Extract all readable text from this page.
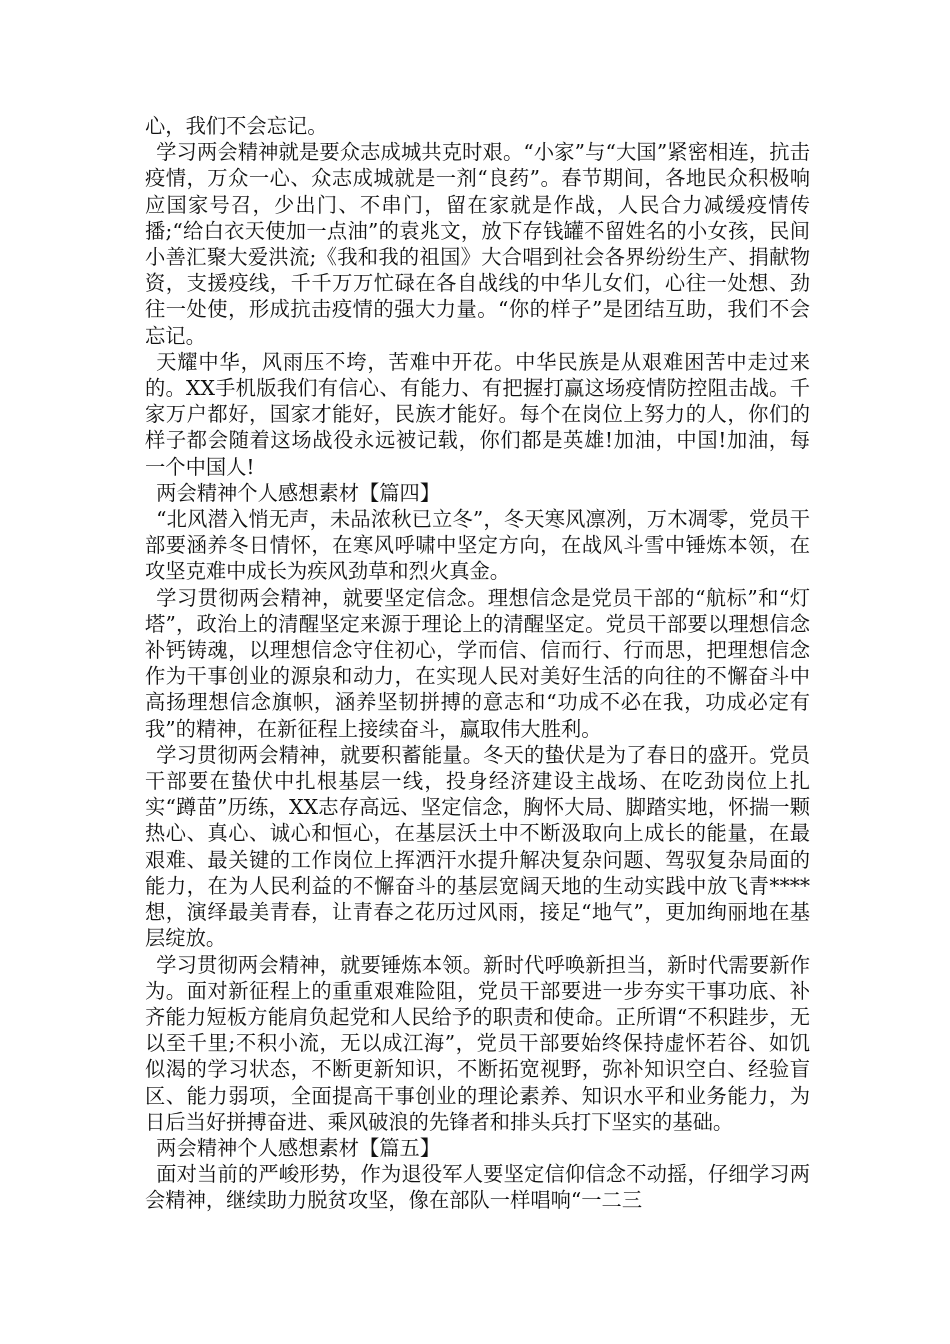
心，我们不会忘记。

学习两会精神就是要众志成城共克时艰。“小家”与“大国”紧密相连，抗击疫情，万众一心、众志成城就是一剂“良药”。春节期间，各地民众积极响应国家号召，少出门、不串门，留在家就是作战，人民合力减缓疫情传播;“给白衣天使加一点油”的袁兆文，放下存钱罐不留姓名的小女孩，民间小善汇聚大爱洪流;《我和我的祖国》大合唱到社会各界纷纷生产、捐献物资，支援疫线，千千万万忙碌在各自战线的中华儿女们，心往一处想、劲往一处使，形成抗击疫情的强大力量。“你的样子”是团结互助，我们不会忘记。

天耀中华，风雨压不垮，苦难中开花。中华民族是从艰难困苦中走过来的。XX手机版我们有信心、有能力、有把握打赢这场疫情防控阻击战。千家万户都好，国家才能好，民族才能好。每个在岗位上努力的人，你们的样子都会随着这场战役永远被记载，你们都是英雄!加油，中国!加油，每一个中国人!

两会精神个人感想素材【篇四】

“北风潜入悄无声，未品浓秋已立冬”，冬天寒风凛冽，万木凋零，党员干部要涵养冬日情怀，在寒风呼啸中坚定方向，在战风斗雪中锤炼本领，在攻坚克难中成长为疾风劲草和烈火真金。

学习贯彻两会精神，就要坚定信念。理想信念是党员干部的“航标”和“灯塔”，政治上的清醒坚定来源于理论上的清醒坚定。党员干部要以理想信念补钙铸魂，以理想信念守住初心，学而信、信而行、行而思，把理想信念作为干事创业的源泉和动力，在实现人民对美好生活的向往的不懈奋斗中高扬理想信念旗帜，涵养坚韧拼搏的意志和“功成不必在我，功成必定有我”的精神，在新征程上接续奋斗，赢取伟大胜利。

学习贯彻两会精神，就要积蓄能量。冬天的蛰伏是为了春日的盛开。党员干部要在蛰伏中扎根基层一线，投身经济建设主战场、在吃劲岗位上扎实“蹲苗”历练，XX志存高远、坚定信念，胸怀大局、脚踏实地，怀揣一颗热心、真心、诚心和恒心，在基层沃土中不断汲取向上成长的能量，在最艰难、最关键的工作岗位上挥洒汗水提升解决复杂问题、驾驭复杂局面的能力，在为人民利益的不懈奋斗的基层宽阔天地的生动实践中放飞青****想，演绎最美青春，让青春之花历过风雨，接足“地气”，更加绚丽地在基层绽放。

学习贯彻两会精神，就要锤炼本领。新时代呼唤新担当，新时代需要新作为。面对新征程上的重重艰难险阻，党员干部要进一步夯实干事功底、补齐能力短板方能肩负起党和人民给予的职责和使命。正所谓“不积跬步，无以至千里;不积小流，无以成江海”，党员干部要始终保持虚怀若谷、如饥似渴的学习状态，不断更新知识，不断拓宽视野，弥补知识空白、经验盲区、能力弱项，全面提高干事创业的理论素养、知识水平和业务能力，为日后当好拼搏奋进、乘风破浪的先锋者和排头兵打下坚实的基础。

两会精神个人感想素材【篇五】

面对当前的严峻形势，作为退役军人要坚定信仰信念不动摇，仔细学习两会精神，继续助力脱贫攻坚，像在部队一样唱响“一二三
